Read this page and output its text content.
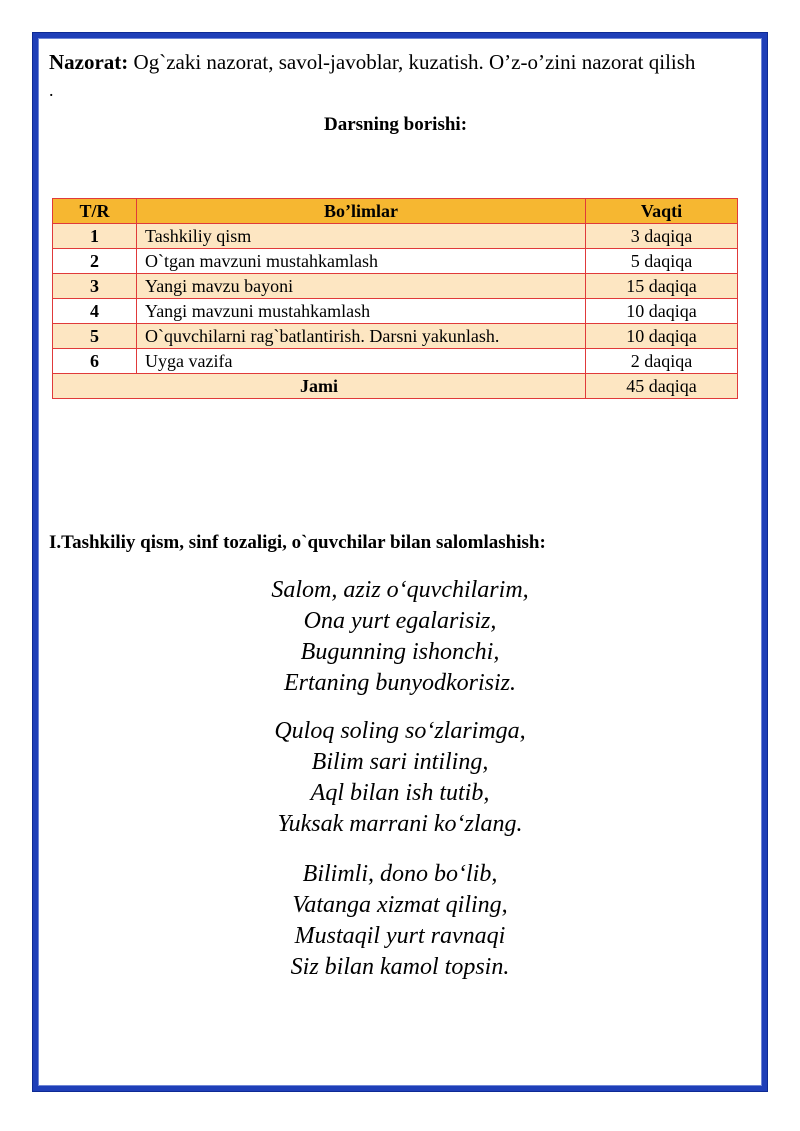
Nazorat: Og`zaki nazorat, savol-javoblar, kuzatish. O’z-o’zini nazorat qilish

.

Darsning borishi:

T/R	Bo’limlar	Vaqti
1	Tashkiliy qism	3 daqiqa
2	O`tgan mavzuni mustahkamlash	5 daqiqa
3	Yangi mavzu bayoni	15 daqiqa
4	Yangi mavzuni mustahkamlash	10 daqiqa
5	O`quvchilarni rag`batlantirish. Darsni yakunlash.	10 daqiqa
6	Uyga vazifa	2 daqiqa
Jami		45 daqiqa
I.Tashkiliy qism, sinf tozaligi, o`quvchilar bilan salomlashish:
Salom, aziz o‘quvchilarim,
Ona yurt egalarisiz,
Bugunning ishonchi,
Ertaning bunyodkorisiz.
Quloq soling so‘zlarimga,
Bilim sari intiling,
Aql bilan ish tutib,
Yuksak marrani ko‘zlang.
Bilimli, dono bo‘lib,
Vatanga xizmat qiling,
Mustaqil yurt ravnaqi
Siz bilan kamol topsin.
